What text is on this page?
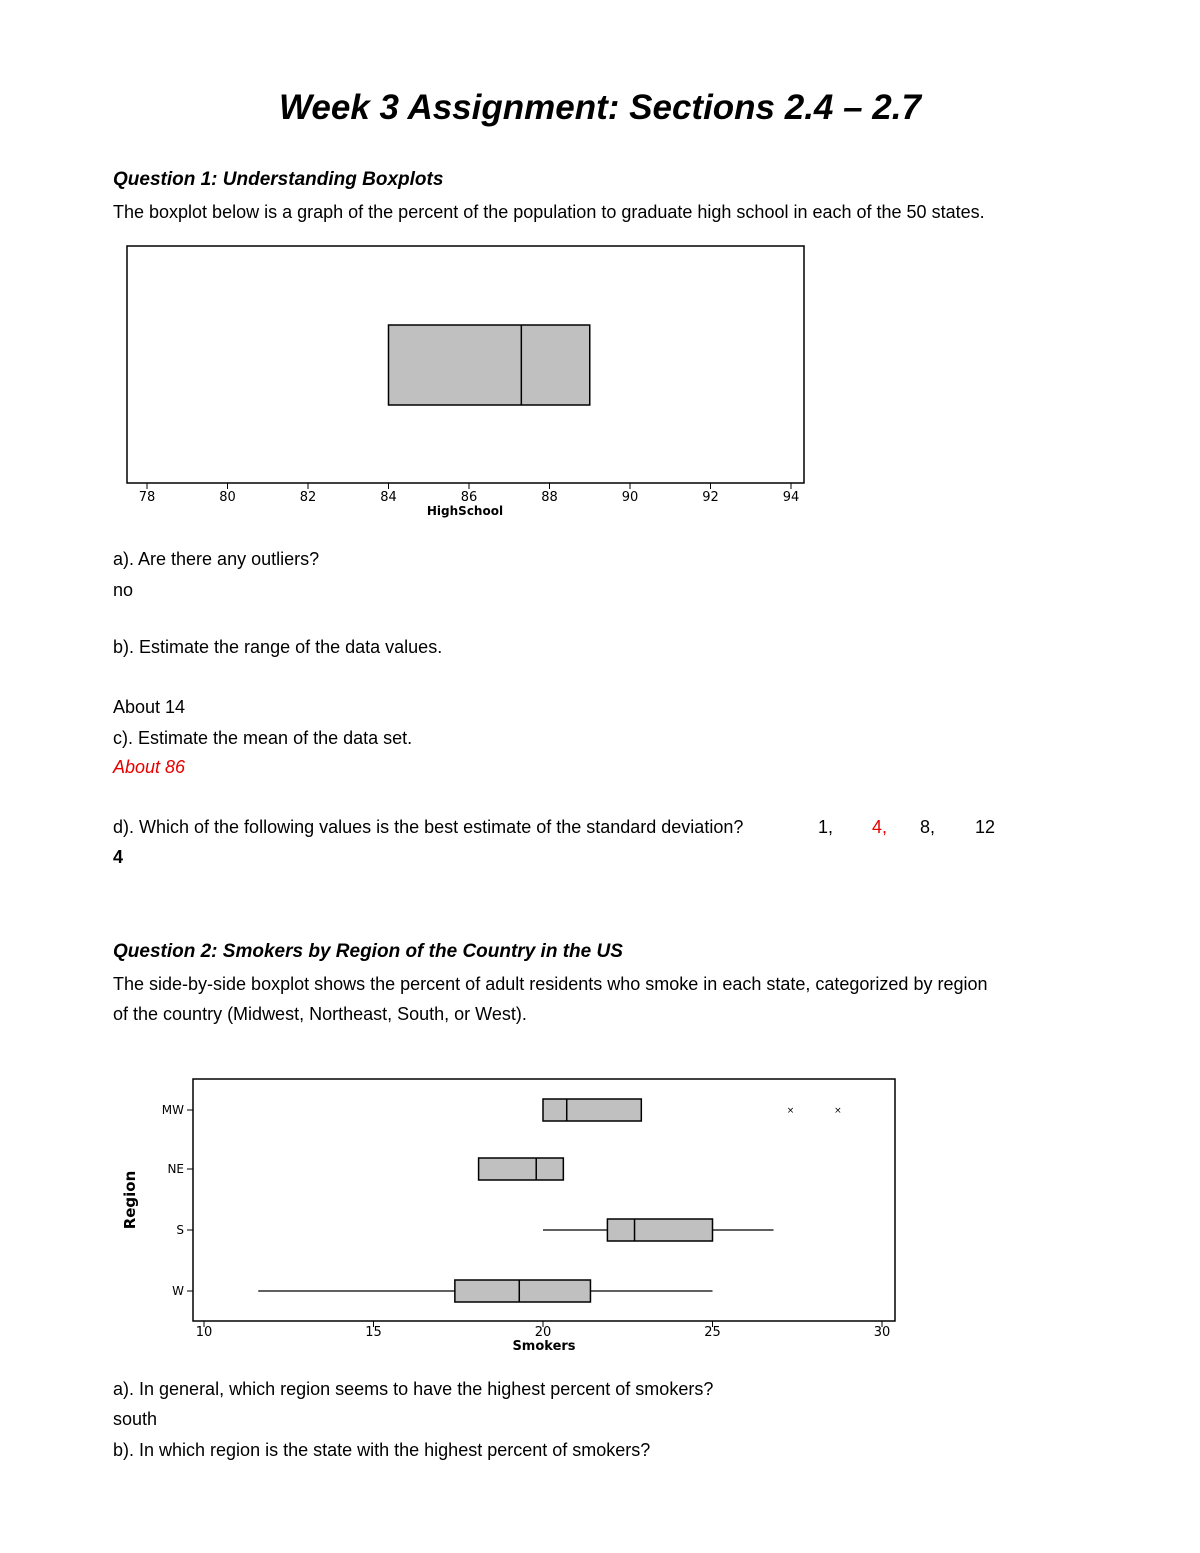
Week 3 Assignment: Sections 2.4 – 2.7
Question 1: Understanding Boxplots
The boxplot below is a graph of the percent of the population to graduate high school in each of the 50 states.
78	80	82	84	86	88	90	92	94
HighSchool
a). Are there any outliers?
no
b). Estimate the range of the data values.
About 14
c). Estimate the mean of the data set.
About 86
d). Which of the following values is the best estimate of the standard deviation?	1, 4, 8, 12
4
Question 2: Smokers by Region of the Country in the US
The side-by-side boxplot shows the percent of adult residents who smoke in each state, categorized by region
of the country (Midwest, Northeast, South, or West).
10	15	20	25	30
MW	×	×
NE
S
W
Region
Smokers
a). In general, which region seems to have the highest percent of smokers?
south
b). In which region is the state with the highest percent of smokers?
